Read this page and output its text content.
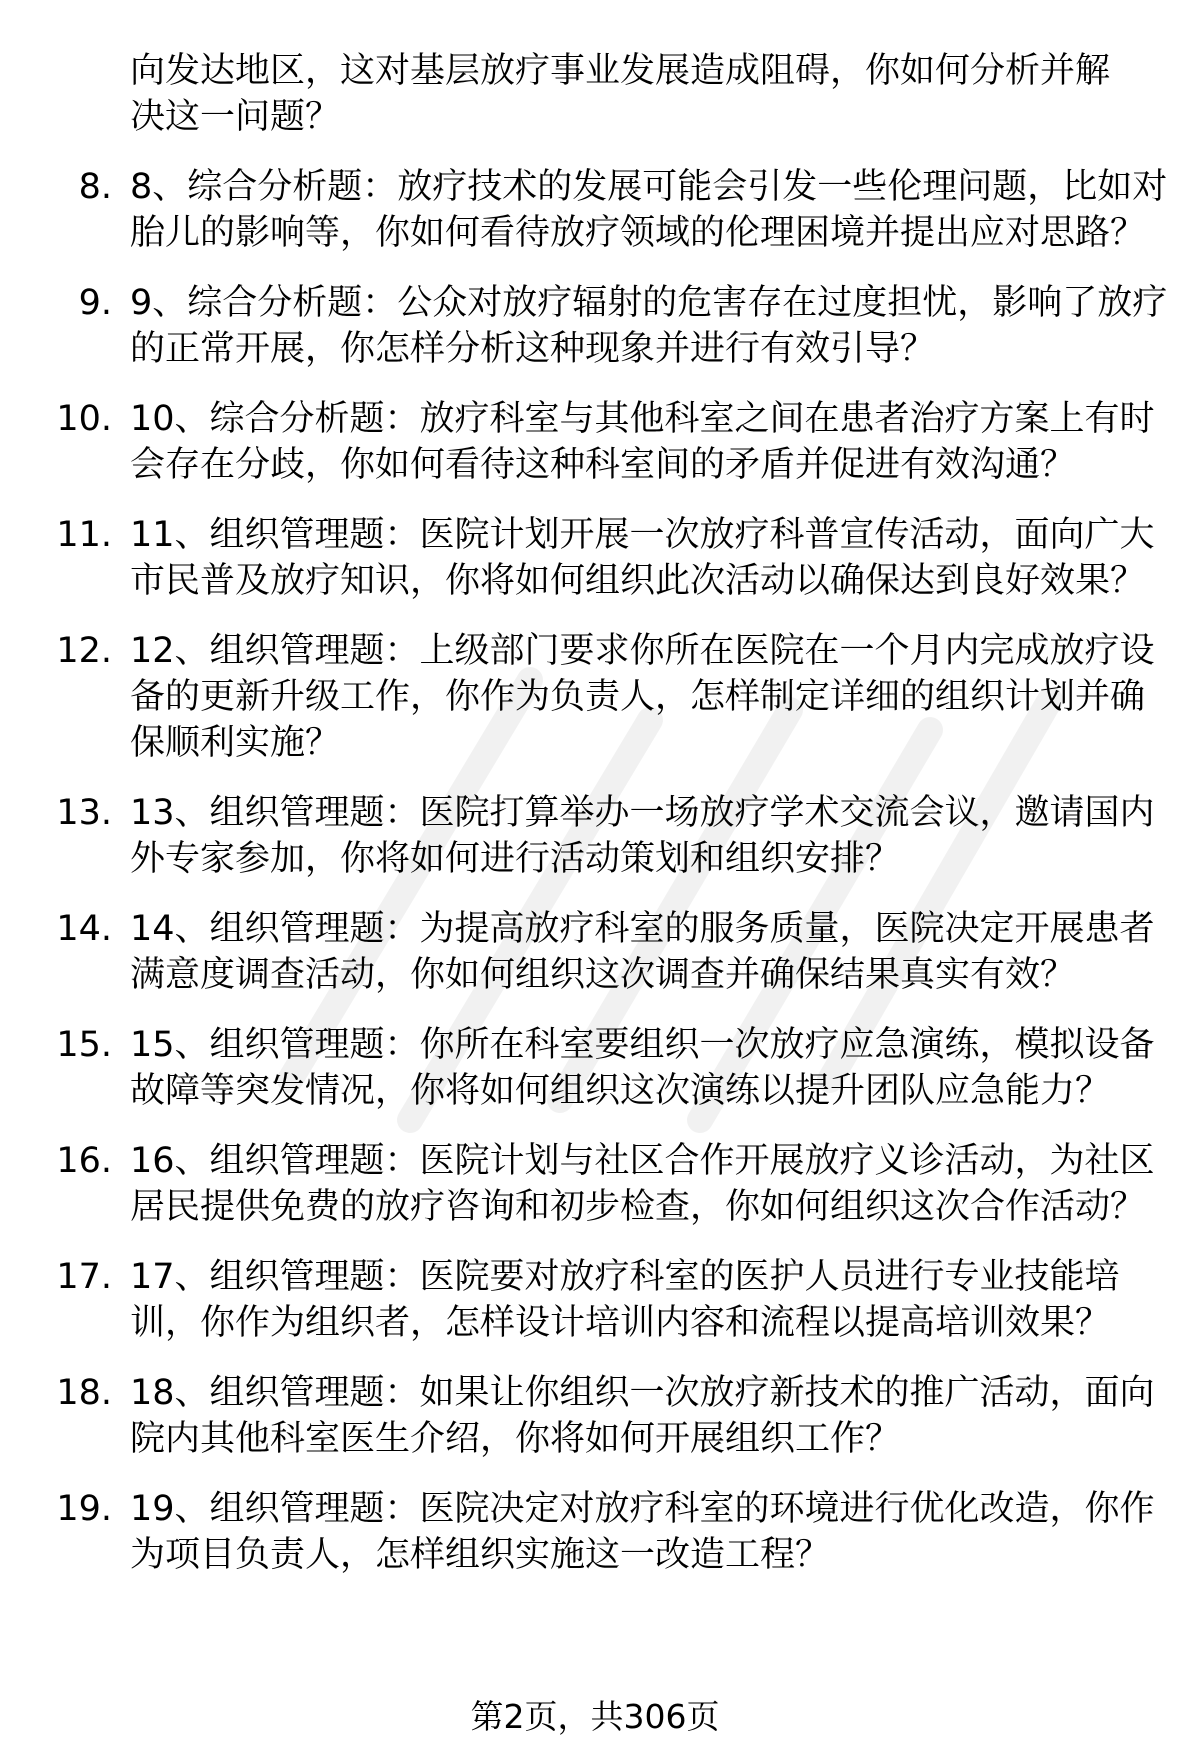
向发达地区，这对基层放疗事业发展造成阻碍，你如何分析并解
决这一问题？
8. 8、综合分析题：放疗技术的发展可能会引发一些伦理问题，比如对胎儿的影响等，你如何看待放疗领域的伦理困境并提出应对思路？
9. 9、综合分析题：公众对放疗辐射的危害存在过度担忧，影响了放疗的正常开展，你怎样分析这种现象并进行有效引导？
10. 10、综合分析题：放疗科室与其他科室之间在患者治疗方案上有时会存在分歧，你如何看待这种科室间的矛盾并促进有效沟通？
11. 11、组织管理题：医院计划开展一次放疗科普宣传活动，面向广大市民普及放疗知识，你将如何组织此次活动以确保达到良好效果？
12. 12、组织管理题：上级部门要求你所在医院在一个月内完成放疗设备的更新升级工作，你作为负责人，怎样制定详细的组织计划并确保顺利实施？
13. 13、组织管理题：医院打算举办一场放疗学术交流会议，邀请国内外专家参加，你将如何进行活动策划和组织安排？
14. 14、组织管理题：为提高放疗科室的服务质量，医院决定开展患者满意度调查活动，你如何组织这次调查并确保结果真实有效？
15. 15、组织管理题：你所在科室要组织一次放疗应急演练，模拟设备故障等突发情况，你将如何组织这次演练以提升团队应急能力？
16. 16、组织管理题：医院计划与社区合作开展放疗义诊活动，为社区居民提供免费的放疗咨询和初步检查，你如何组织这次合作活动？
17. 17、组织管理题：医院要对放疗科室的医护人员进行专业技能培训，你作为组织者，怎样设计培训内容和流程以提高培训效果？
18. 18、组织管理题：如果让你组织一次放疗新技术的推广活动，面向院内其他科室医生介绍，你将如何开展组织工作？
19. 19、组织管理题：医院决定对放疗科室的环境进行优化改造，你作为项目负责人，怎样组织实施这一改造工程？
第2页，共306页
